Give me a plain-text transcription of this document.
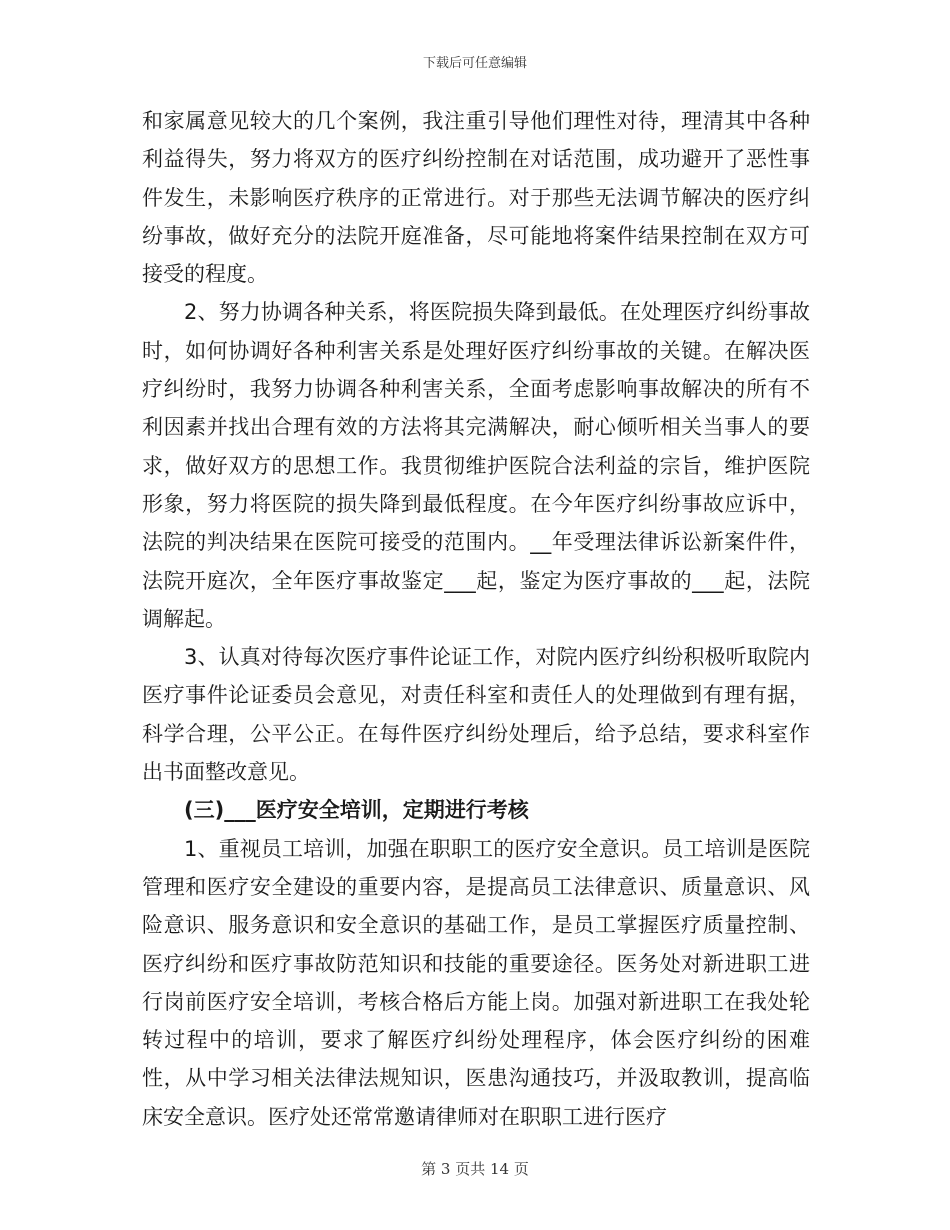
下载后可任意编辑

和家属意见较大的几个案例，我注重引导他们理性对待，理清其中各种利益得失，努力将双方的医疗纠纷控制在对话范围，成功避开了恶性事件发生，未影响医疗秩序的正常进行。对于那些无法调节解决的医疗纠纷事故，做好充分的法院开庭准备，尽可能地将案件结果控制在双方可接受的程度。

2、努力协调各种关系，将医院损失降到最低。在处理医疗纠纷事故时，如何协调好各种利害关系是处理好医疗纠纷事故的关键。在解决医疗纠纷时，我努力协调各种利害关系，全面考虑影响事故解决的所有不利因素并找出合理有效的方法将其完满解决，耐心倾听相关当事人的要求，做好双方的思想工作。我贯彻维护医院合法利益的宗旨，维护医院形象，努力将医院的损失降到最低程度。在今年医疗纠纷事故应诉中，法院的判决结果在医院可接受的范围内。__年受理法律诉讼新案件件，法院开庭次，全年医疗事故鉴定___起，鉴定为医疗事故的___起，法院调解起。

3、认真对待每次医疗事件论证工作，对院内医疗纠纷积极听取院内医疗事件论证委员会意见，对责任科室和责任人的处理做到有理有据，科学合理，公平公正。在每件医疗纠纷处理后，给予总结，要求科室作出书面整改意见。

(三)___医疗安全培训，定期进行考核

1、重视员工培训，加强在职职工的医疗安全意识。员工培训是医院管理和医疗安全建设的重要内容，是提高员工法律意识、质量意识、风险意识、服务意识和安全意识的基础工作，是员工掌握医疗质量控制、医疗纠纷和医疗事故防范知识和技能的重要途径。医务处对新进职工进行岗前医疗安全培训，考核合格后方能上岗。加强对新进职工在我处轮转过程中的培训，要求了解医疗纠纷处理程序，体会医疗纠纷的困难性，从中学习相关法律法规知识，医患沟通技巧，并汲取教训，提高临床安全意识。医疗处还常常邀请律师对在职职工进行医疗

第 3 页共 14 页
